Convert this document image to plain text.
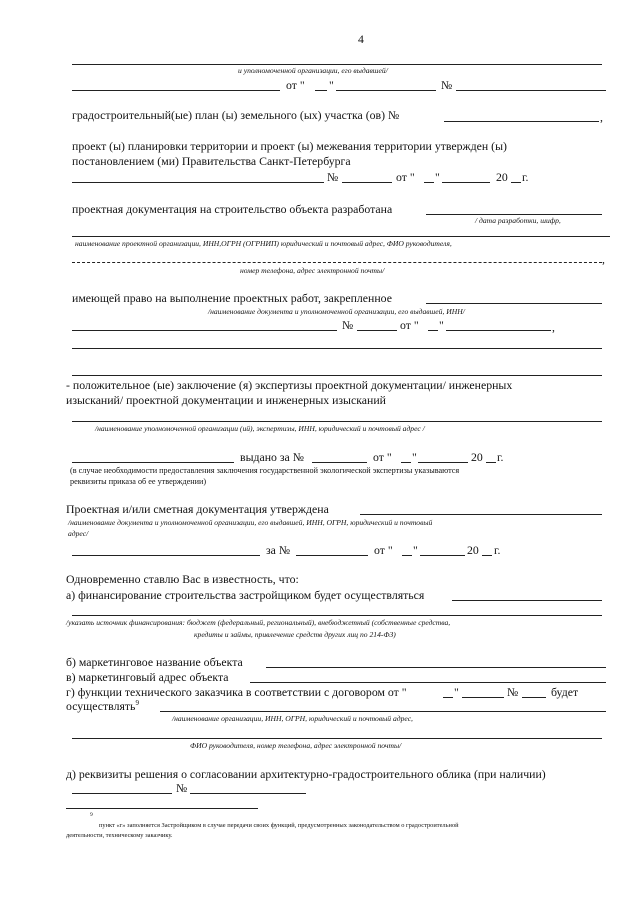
4
и уполномоченной организации, его выдавшей/
от " "	№
градостроительный(ые) план (ы) земельного (ых) участка (ов) №	,
проект (ы) планировки территории и проект (ы) межевания территории утвержден (ы)
постановлением (ми) Правительства Санкт-Петербурга
№	от " "	20 г.
проектная документация на строительство объекта разработана
/ дата разработки, шифр,
наименование проектной организации, ИНН,ОГРН (ОГРНИП) юридический и почтовый адрес, ФИО руководителя,
,
номер телефона, адрес электронной почты/
имеющей право на выполнение проектных работ, закрепленное
/наименование документа и уполномоченной организации, его выдавшей, ИНН/
№	от " "	,
- положительное (ые) заключение (я) экспертизы проектной документации/ инженерных
изысканий/ проектной документации и инженерных изысканий
/наименование уполномоченной организации (ий), экспертизы, ИНН, юридический и почтовый адрес /
выдано за №	от " "	20 г.
(в случае необходимости предоставления заключения государственной экологической экспертизы указываются
реквизиты приказа об ее утверждении)
Проектная и/или сметная документация утверждена
/наименование документа и уполномоченной организации, его выдавшей, ИНН, ОГРН, юридический и почтовый
адрес/
за №	от " "	20 г.
Одновременно ставлю Вас в известность, что:
а) финансирование строительства застройщиком будет осуществляться
/указать источник финансирования: бюджет (федеральный, региональный), внебюджетный (собственные средства,
кредиты и займы, привлечение средств других лиц по 214-ФЗ)
б) маркетинговое название объекта
в) маркетинговый адрес объекта
г) функции технического заказчика в соответствии с договором от "	"	№	будет
осуществлять$^9$
/наименование организации, ИНН, ОГРН, юридический и почтовый адрес,
ФИО руководителя, номер телефона, адрес электронной почты/
д) реквизиты решения о согласовании архитектурно-градостроительного облика (при наличии)
№
9
пункт «г» заполняется Застройщиком в случае передачи своих функций, предусмотренных законодательством о градостроительной
деятельности, техническому заказчику.
